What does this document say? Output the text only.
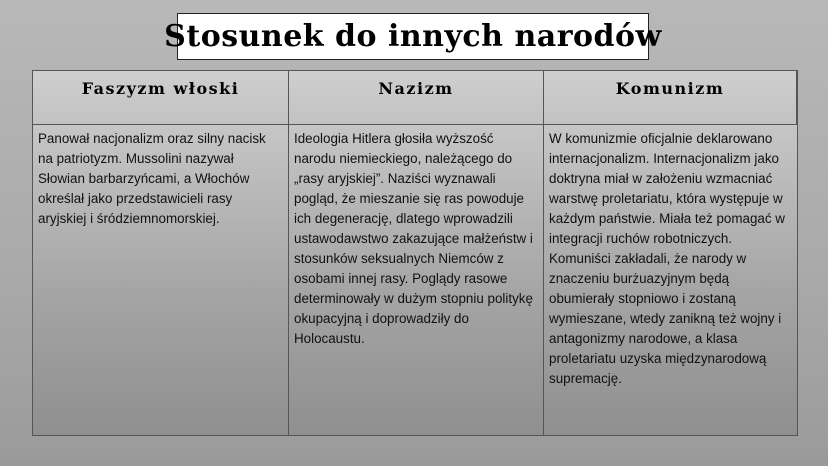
Stosunek do innych narodów
Faszyzm włoski	Nazizm	Komunizm

Panował nacjonalizm oraz silny nacisk na patriotyzm. Mussolini nazywał Słowian barbarzyńcami, a Włochów określał jako przedstawicieli rasy aryjskiej i śródziemnomorskiej.

Ideologia Hitlera głosiła wyższość narodu niemieckiego, należącego do „rasy aryjskiej”. Naziści wyznawali pogląd, że mieszanie się ras powoduje ich degenerację, dlatego wprowadzili ustawodawstwo zakazujące małżeństw i stosunków seksualnych Niemców z osobami innej rasy. Poglądy rasowe determinowały w dużym stopniu politykę okupacyjną i doprowadziły do Holocaustu.

W komunizmie oficjalnie deklarowano internacjonalizm. Internacjonalizm jako doktryna miał w założeniu wzmacniać warstwę proletariatu, która występuje w każdym państwie. Miała też pomagać w integracji ruchów robotniczych. Komuniści zakładali, że narody w znaczeniu burżuazyjnym będą obumierały stopniowo i zostaną wymieszane, wtedy zanikną też wojny i antagonizmy narodowe, a klasa proletariatu uzyska międzynarodową supremację.
